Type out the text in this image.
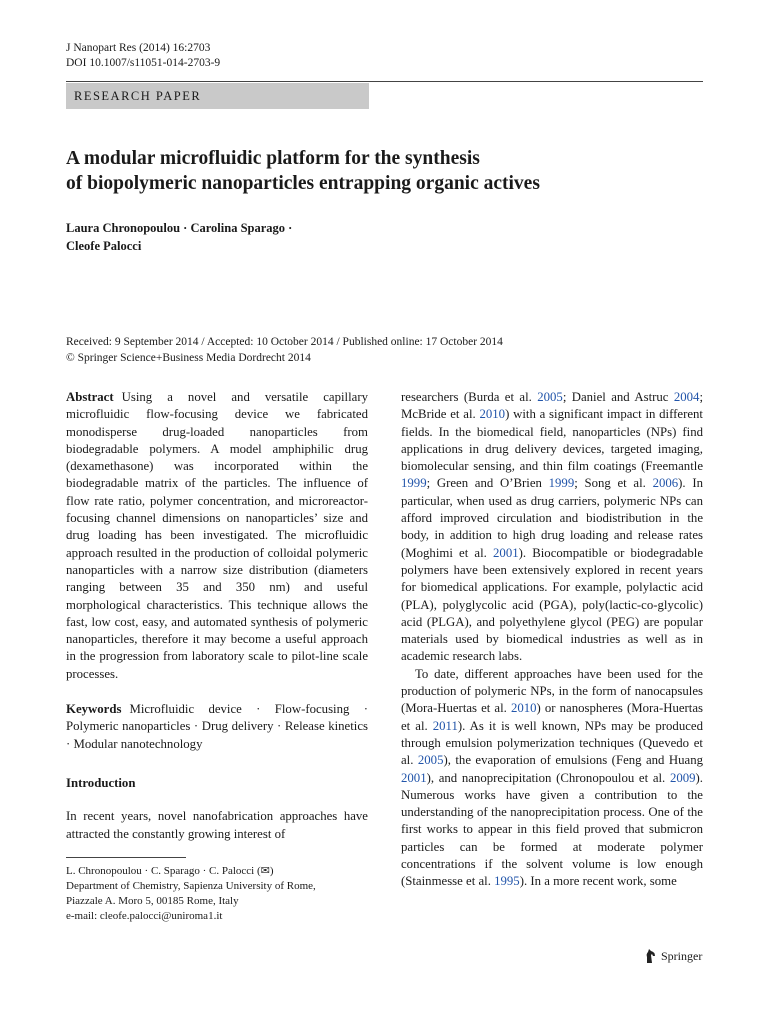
J Nanopart Res (2014) 16:2703
DOI 10.1007/s11051-014-2703-9
RESEARCH PAPER
A modular microfluidic platform for the synthesis
of biopolymeric nanoparticles entrapping organic actives
Laura Chronopoulou · Carolina Sparago ·
Cleofe Palocci
Received: 9 September 2014 / Accepted: 10 October 2014 / Published online: 17 October 2014
© Springer Science+Business Media Dordrecht 2014

Abstract Using a novel and versatile capillary microfluidic flow-focusing device we fabricated monodisperse drug-loaded nanoparticles from biodegradable polymers. A model amphiphilic drug (dexamethasone) was incorporated within the biodegradable matrix of the particles. The influence of flow rate ratio, polymer concentration, and microreactor-focusing channel dimensions on nanoparticles’ size and drug loading has been investigated. The microfluidic approach resulted in the production of colloidal polymeric nanoparticles with a narrow size distribution (diameters ranging between 35 and 350 nm) and useful morphological characteristics. This technique allows the fast, low cost, easy, and automated synthesis of polymeric nanoparticles, therefore it may become a useful approach in the progression from laboratory scale to pilot-line scale processes.

Keywords Microfluidic device · Flow-focusing · Polymeric nanoparticles · Drug delivery · Release kinetics · Modular nanotechnology

Introduction

In recent years, novel nanofabrication approaches have attracted the constantly growing interest of

researchers (Burda et al. 2005; Daniel and Astruc 2004; McBride et al. 2010) with a significant impact in different fields. In the biomedical field, nanoparticles (NPs) find applications in drug delivery devices, targeted imaging, biomolecular sensing, and thin film coatings (Freemantle 1999; Green and O’Brien 1999; Song et al. 2006). In particular, when used as drug carriers, polymeric NPs can afford improved circulation and biodistribution in the body, in addition to high drug loading and release rates (Moghimi et al. 2001). Biocompatible or biodegradable polymers have been extensively explored in recent years for biomedical applications. For example, polylactic acid (PLA), polyglycolic acid (PGA), poly(lactic-co-glycolic) acid (PLGA), and polyethylene glycol (PEG) are popular materials used by biomedical industries as well as in academic research labs.

To date, different approaches have been used for the production of polymeric NPs, in the form of nanocapsules (Mora-Huertas et al. 2010) or nanospheres (Mora-Huertas et al. 2011). As it is well known, NPs may be produced through emulsion polymerization techniques (Quevedo et al. 2005), the evaporation of emulsions (Feng and Huang 2001), and nanoprecipitation (Chronopoulou et al. 2009). Numerous works have given a contribution to the understanding of the nanoprecipitation process. One of the first works to appear in this field proved that submicron particles can be formed at moderate polymer concentrations if the solvent volume is low enough (Stainmesse et al. 1995). In a more recent work, some

L. Chronopoulou · C. Sparago · C. Palocci (✉)
Department of Chemistry, Sapienza University of Rome,
Piazzale A. Moro 5, 00185 Rome, Italy
e-mail: cleofe.palocci@uniroma1.it
Springer
